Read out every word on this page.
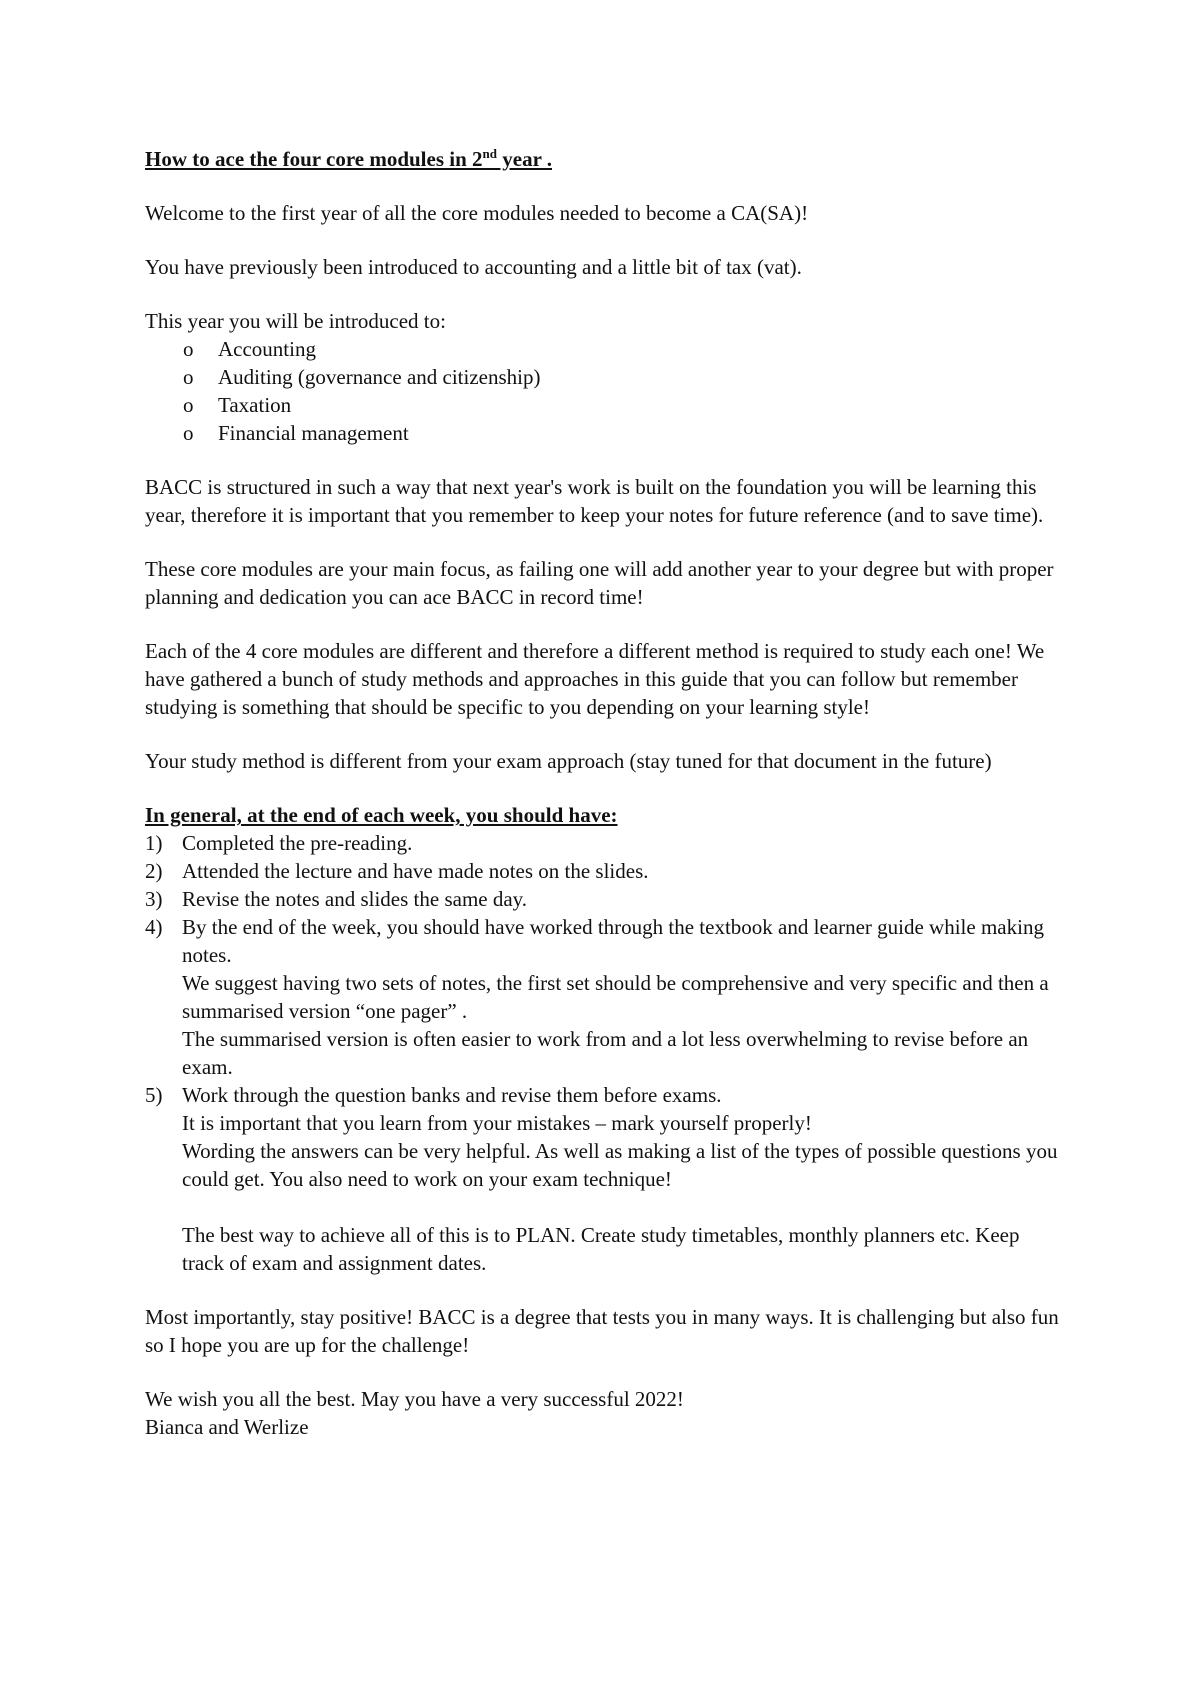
How to ace the four core modules in 2nd year .

Welcome to the first year of all the core modules needed to become a CA(SA)!

You have previously been introduced to accounting and a little bit of tax (vat).

This year you will be introduced to:

o Accounting
o Auditing (governance and citizenship)
o Taxation
o Financial management

BACC is structured in such a way that next year's work is built on the foundation you will be learning this year, therefore it is important that you remember to keep your notes for future reference (and to save time).

These core modules are your main focus, as failing one will add another year to your degree but with proper planning and dedication you can ace BACC in record time!

Each of the 4 core modules are different and therefore a different method is required to study each one! We have gathered a bunch of study methods and approaches in this guide that you can follow but remember studying is something that should be specific to you depending on your learning style!

Your study method is different from your exam approach (stay tuned for that document in the future)

In general, at the end of each week, you should have:
1) Completed the pre-reading.
2) Attended the lecture and have made notes on the slides.
3) Revise the notes and slides the same day.
4) By the end of the week, you should have worked through the textbook and learner guide while making notes.
We suggest having two sets of notes, the first set should be comprehensive and very specific and then a summarised version “one pager” .
The summarised version is often easier to work from and a lot less overwhelming to revise before an exam.
5) Work through the question banks and revise them before exams.
It is important that you learn from your mistakes – mark yourself properly!
Wording the answers can be very helpful. As well as making a list of the types of possible questions you could get. You also need to work on your exam technique!
The best way to achieve all of this is to PLAN. Create study timetables, monthly planners etc. Keep track of exam and assignment dates.

Most importantly, stay positive! BACC is a degree that tests you in many ways. It is challenging but also fun so I hope you are up for the challenge!

We wish you all the best. May you have a very successful 2022!

Bianca and Werlize
